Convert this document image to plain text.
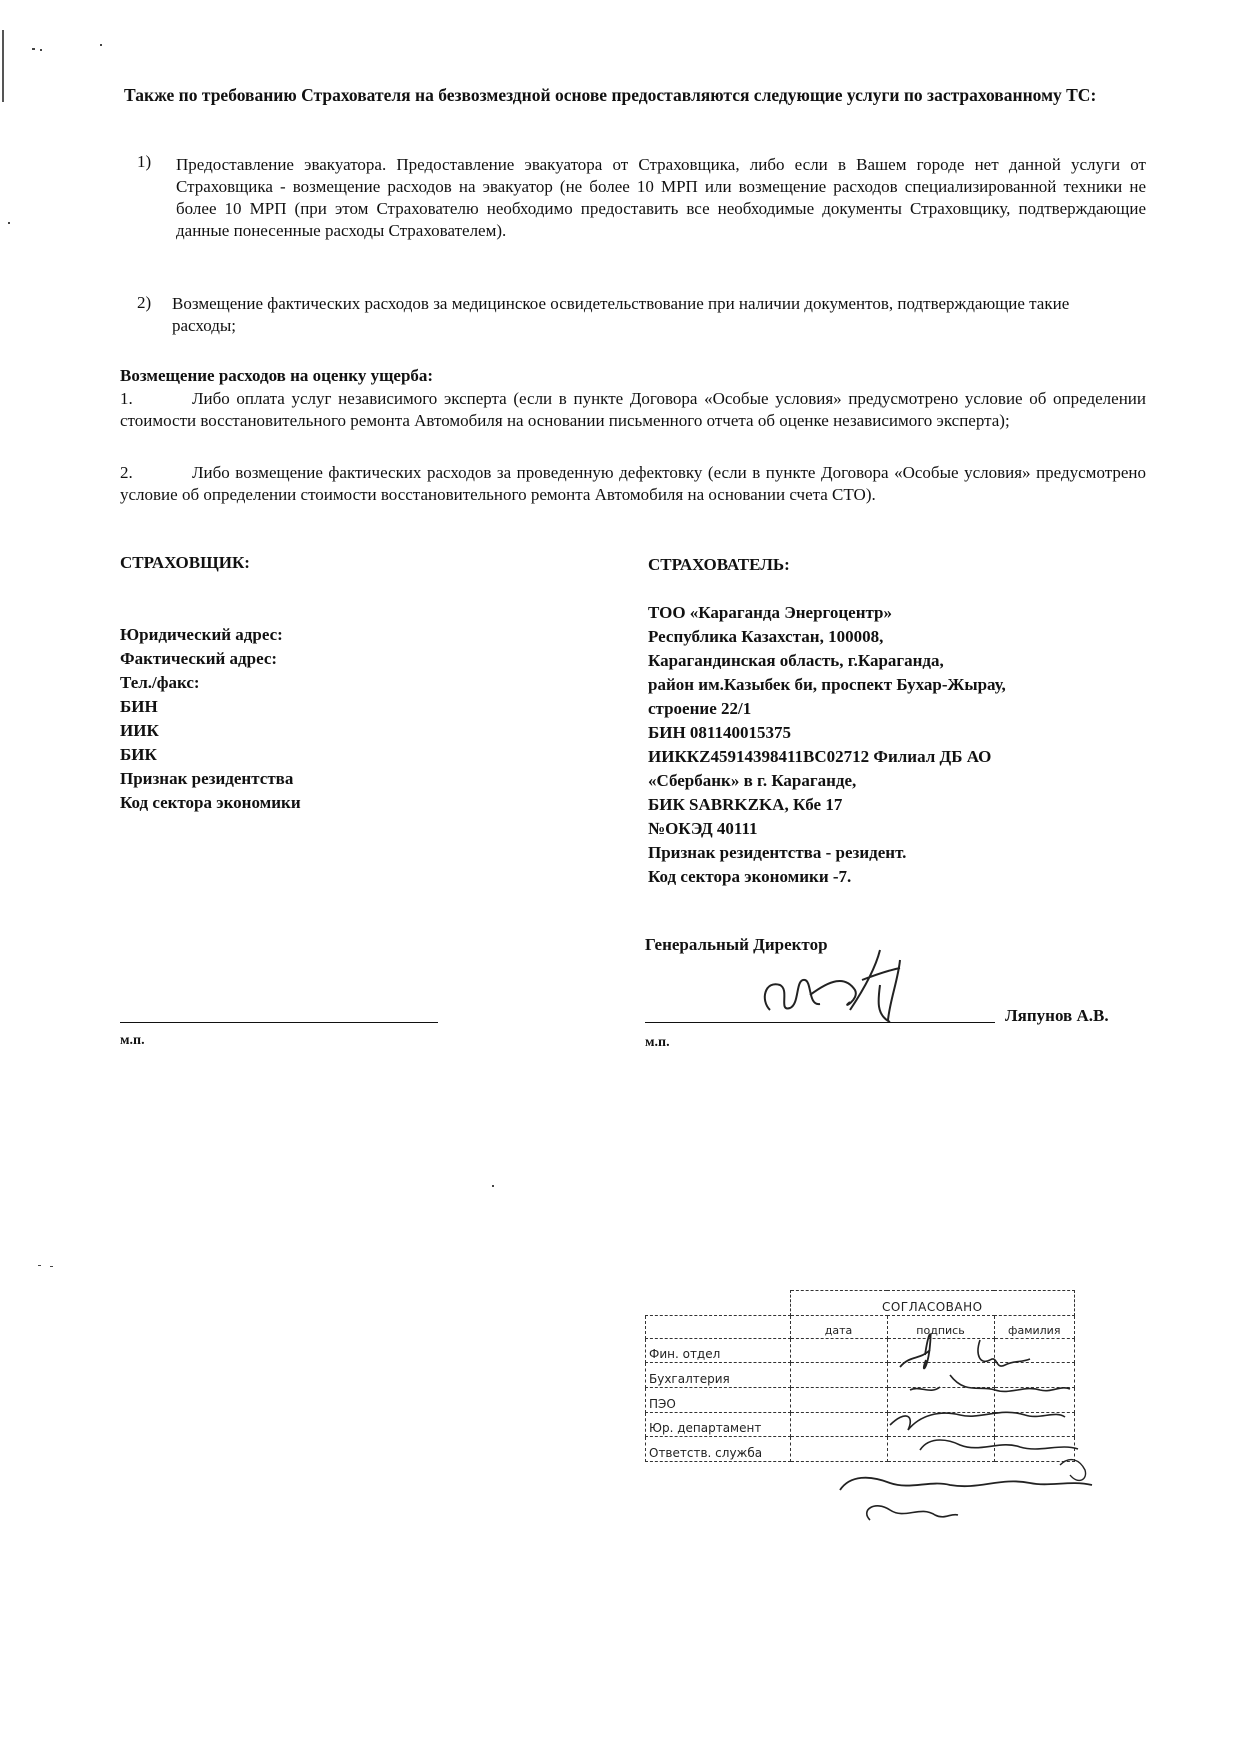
Также по требованию Страхователя на безвозмездной основе предоставляются следующие услуги по застрахованному ТС:
1) Предоставление эвакуатора. Предоставление эвакуатора от Страховщика, либо если в Вашем городе нет данной услуги от Страховщика - возмещение расходов на эвакуатор (не более 10 МРП или возмещение расходов специализированной техники не более 10 МРП (при этом Страхователю необходимо предоставить все необходимые документы Страховщику, подтверждающие данные понесенные расходы Страхователем).
2) Возмещение фактических расходов за медицинское освидетельствование при наличии документов, подтверждающие такие расходы;
Возмещение расходов на оценку ущерба:
1.	Либо оплата услуг независимого эксперта (если в пункте Договора «Особые условия» предусмотрено условие об определении стоимости восстановительного ремонта Автомобиля на основании письменного отчета об оценке независимого эксперта);
2.	Либо возмещение фактических расходов за проведенную дефектовку (если в пункте Договора «Особые условия» предусмотрено условие об определении стоимости восстановительного ремонта Автомобиля на основании счета СТО).
СТРАХОВЩИК:
Юридический адрес:
Фактический адрес:
Тел./факс:
БИН
ИИК
БИК
Признак резидентства
Код сектора экономики
м.п.
СТРАХОВАТЕЛЬ:
ТОО «Караганда Энергоцентр»
Республика Казахстан, 100008,
Карагандинская область, г.Караганда,
район им.Казыбек би, проспект Бухар-Жырау,
строение 22/1
БИН 081140015375
ИИККZ45914398411BC02712 Филиал ДБ АО
«Сбербанк» в г. Караганде,
БИК SABRKZKA, Кбе 17
№ОКЭД 40111
Признак резидентства - резидент.
Код сектора экономики -7.
Генеральный Директор
Ляпунов А.В.
м.п.
	СОГЛАСОВАНО		
	дата	подпись	фамилия
Фин. отдел			
Бухгалтерия			
ПЭО			
Юр. департамент			
Ответств. служба			
